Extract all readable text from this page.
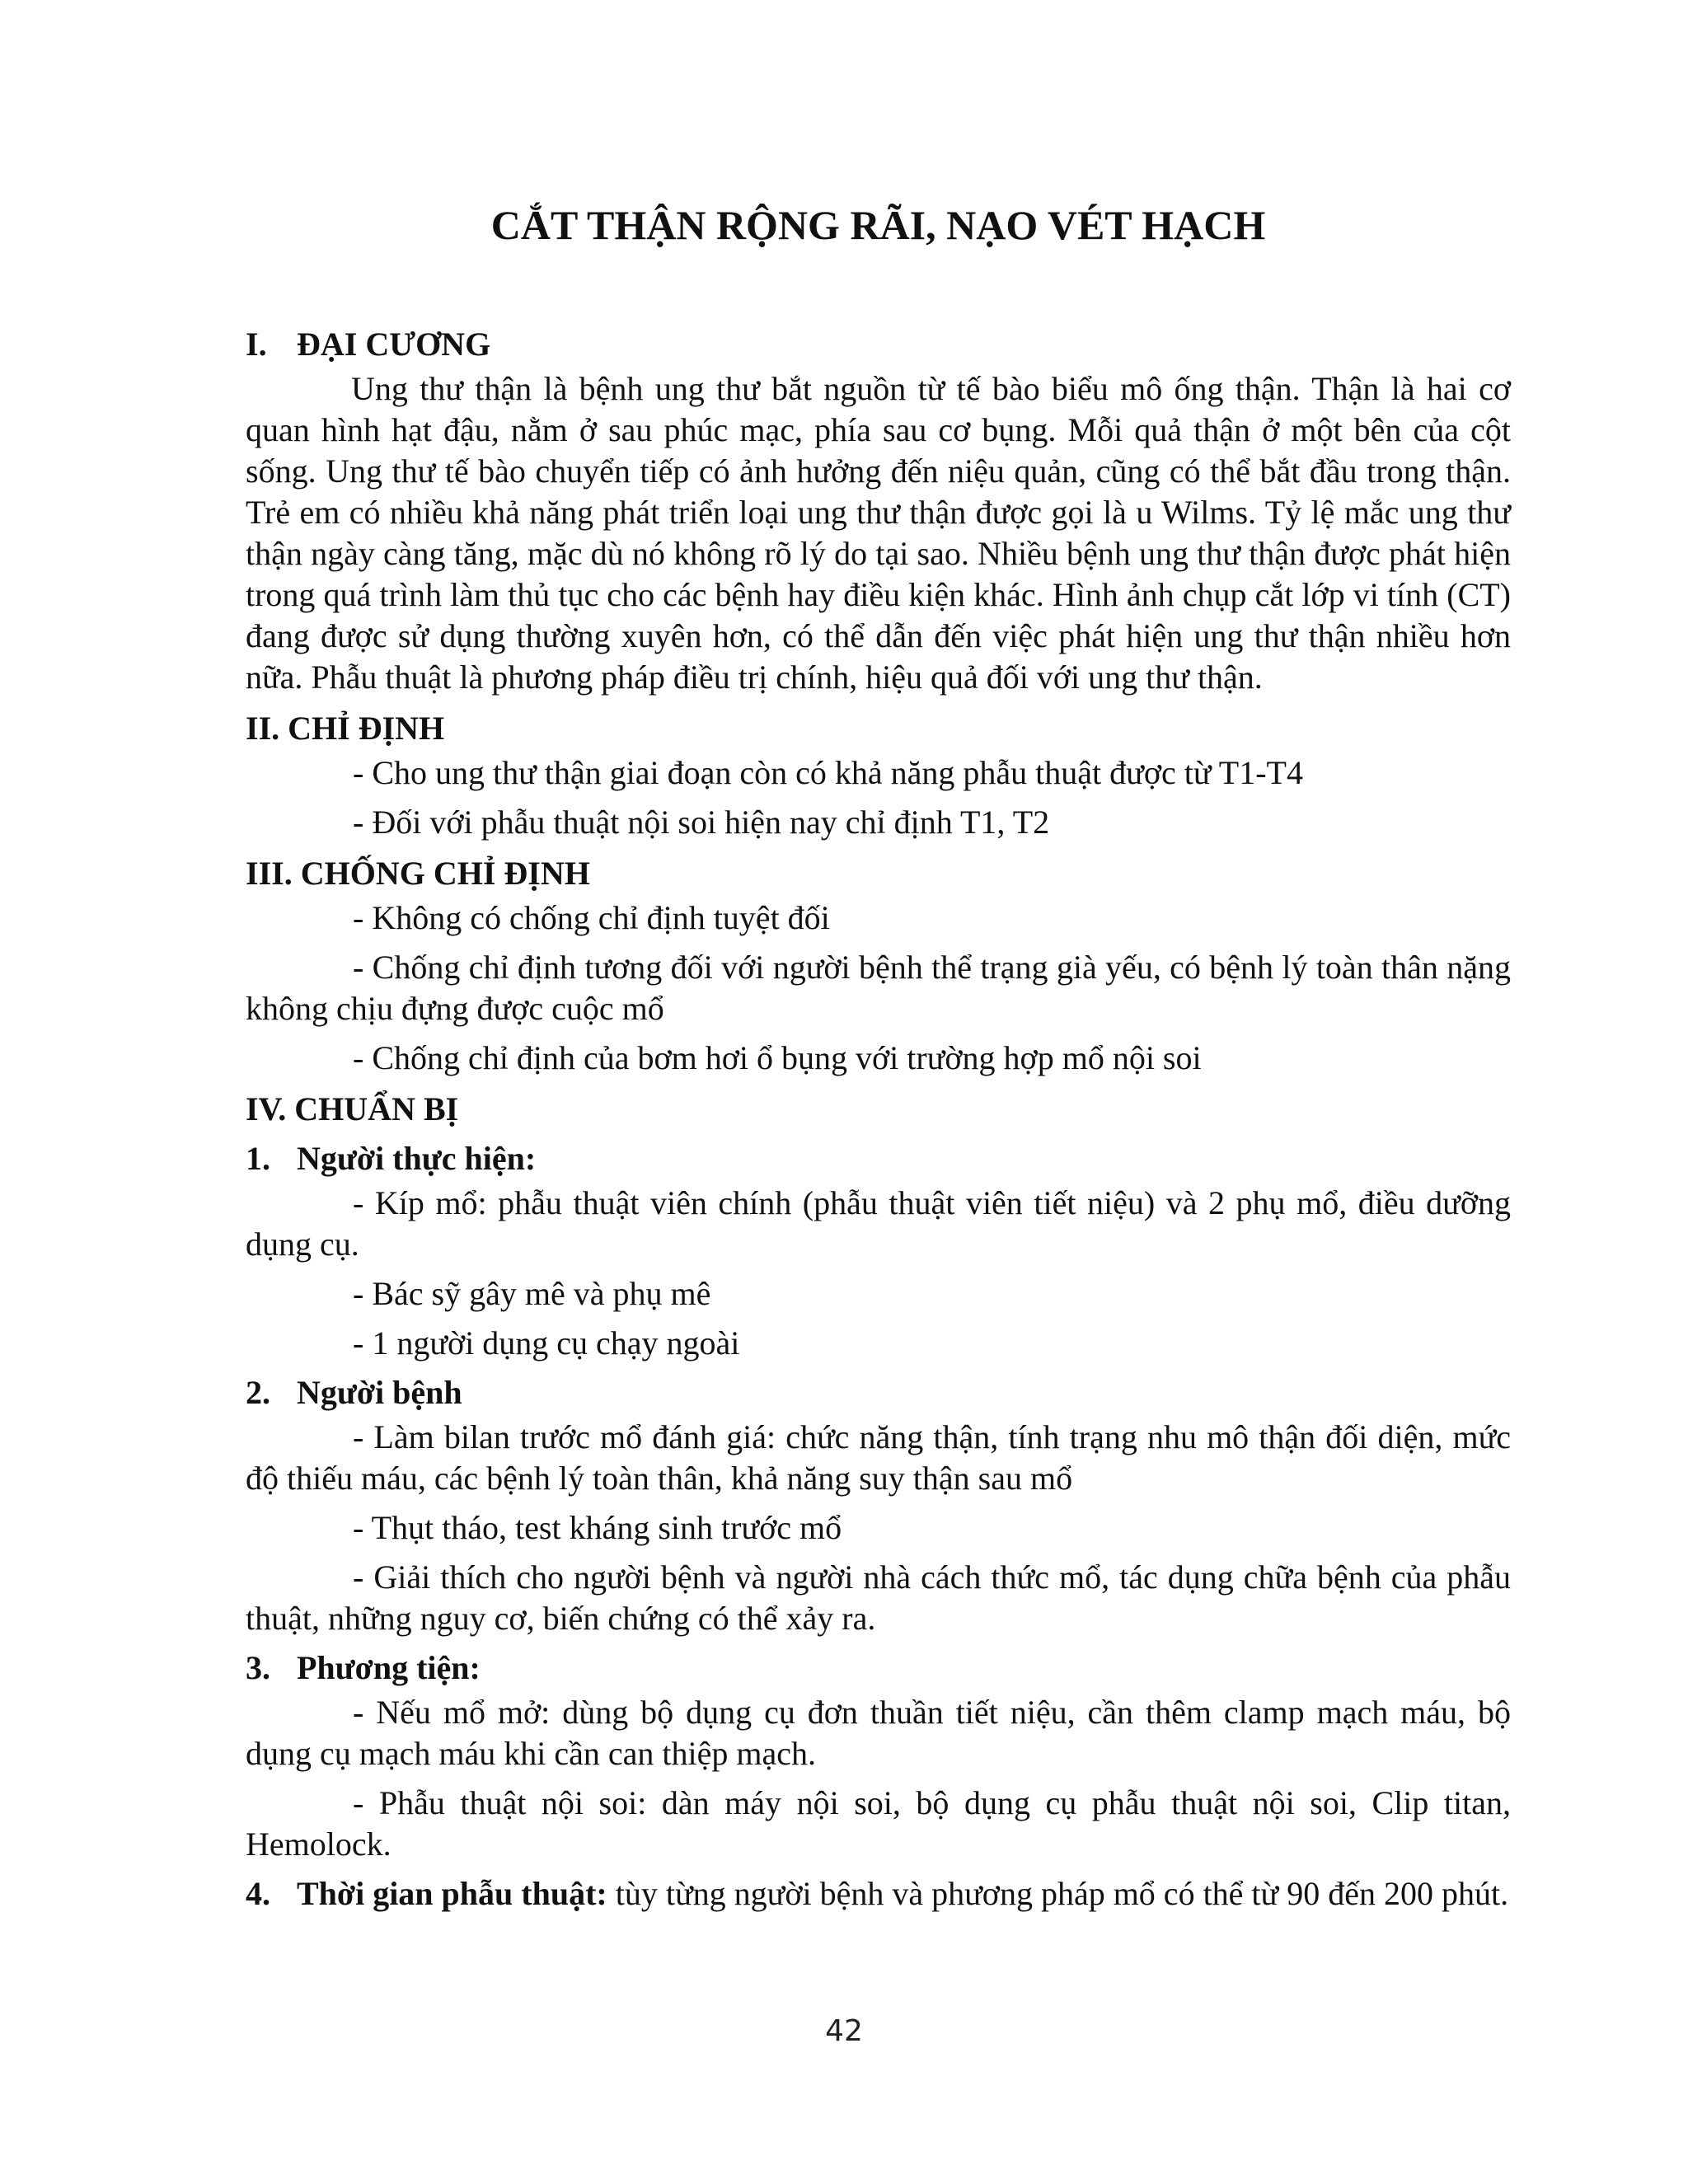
CẮT THẬN RỘNG RÃI, NẠO VÉT HẠCH
I. ĐẠI CƯƠNG

Ung thư thận là bệnh ung thư bắt nguồn từ tế bào biểu mô ống thận. Thận là hai cơ quan hình hạt đậu, nằm ở sau phúc mạc, phía sau cơ bụng. Mỗi quả thận ở một bên của cột sống. Ung thư tế bào chuyển tiếp có ảnh hưởng đến niệu quản, cũng có thể bắt đầu trong thận. Trẻ em có nhiều khả năng phát triển loại ung thư thận được gọi là u Wilms. Tỷ lệ mắc ung thư thận ngày càng tăng, mặc dù nó không rõ lý do tại sao. Nhiều bệnh ung thư thận được phát hiện trong quá trình làm thủ tục cho các bệnh hay điều kiện khác. Hình ảnh chụp cắt lớp vi tính (CT) đang được sử dụng thường xuyên hơn, có thể dẫn đến việc phát hiện ung thư thận nhiều hơn nữa. Phẫu thuật là phương pháp điều trị chính, hiệu quả đối với ung thư thận.

II. CHỈ ĐỊNH

- Cho ung thư thận giai đoạn còn có khả năng phẫu thuật được từ T1-T4

- Đối với phẫu thuật nội soi hiện nay chỉ định T1, T2

III. CHỐNG CHỈ ĐỊNH

- Không có chống chỉ định tuyệt đối

- Chống chỉ định tương đối với người bệnh thể trạng già yếu, có bệnh lý toàn thân nặng không chịu đựng được cuộc mổ

- Chống chỉ định của bơm hơi ổ bụng với trường hợp mổ nội soi

IV. CHUẨN BỊ
1. Người thực hiện:

- Kíp mổ: phẫu thuật viên chính (phẫu thuật viên tiết niệu) và 2 phụ mổ, điều dưỡng dụng cụ.

- Bác sỹ gây mê và phụ mê

- 1 người dụng cụ chạy ngoài

2. Người bệnh

- Làm bilan trước mổ đánh giá: chức năng thận, tính trạng nhu mô thận đối diện, mức độ thiếu máu, các bệnh lý toàn thân, khả năng suy thận sau mổ

- Thụt tháo, test kháng sinh trước mổ

- Giải thích cho người bệnh và người nhà cách thức mổ, tác dụng chữa bệnh của phẫu thuật, những nguy cơ, biến chứng có thể xảy ra.

3. Phương tiện:

- Nếu mổ mở: dùng bộ dụng cụ đơn thuần tiết niệu, cần thêm clamp mạch máu, bộ dụng cụ mạch máu khi cần can thiệp mạch.

- Phẫu thuật nội soi: dàn máy nội soi, bộ dụng cụ phẫu thuật nội soi, Clip titan, Hemolock.

4. Thời gian phẫu thuật: tùy từng người bệnh và phương pháp mổ có thể từ 90 đến 200 phút.

42
